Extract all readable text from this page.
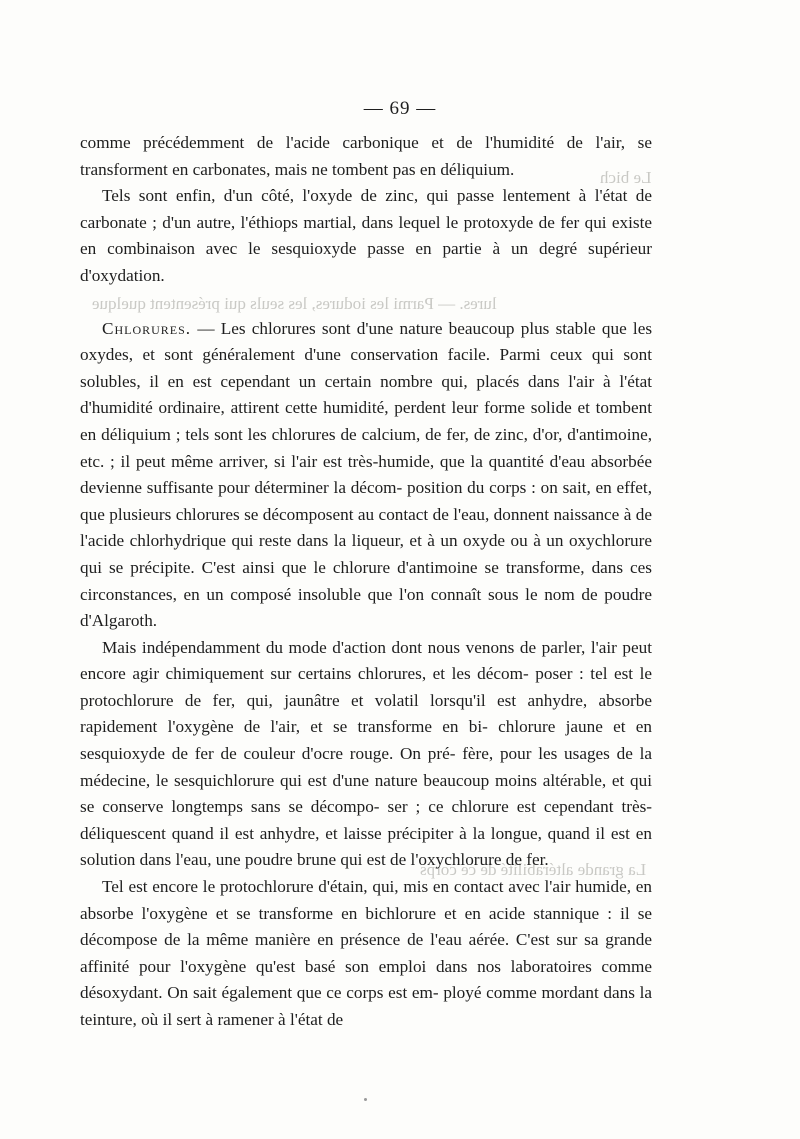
Le bich
lures. — Parmi les iodures, les seuls qui présentent quelque
La grande altérabilité de ce corps
— 69 —

comme précédemment de l'acide carbonique et de l'humidité de l'air, se transforment en carbonates, mais ne tombent pas en déliquium.

Tels sont enfin, d'un côté, l'oxyde de zinc, qui passe lentement à l'état de carbonate ; d'un autre, l'éthiops martial, dans lequel le protoxyde de fer qui existe en combinaison avec le sesquioxyde passe en partie à un degré supérieur d'oxydation.

Chlorures. — Les chlorures sont d'une nature beaucoup plus stable que les oxydes, et sont généralement d'une conservation facile. Parmi ceux qui sont solubles, il en est cependant un certain nombre qui, placés dans l'air à l'état d'humidité ordinaire, attirent cette humidité, perdent leur forme solide et tombent en déliquium ; tels sont les chlorures de calcium, de fer, de zinc, d'or, d'antimoine, etc. ; il peut même arriver, si l'air est très-humide, que la quantité d'eau absorbée devienne suffisante pour déterminer la décom- position du corps : on sait, en effet, que plusieurs chlorures se décomposent au contact de l'eau, donnent naissance à de l'acide chlorhydrique qui reste dans la liqueur, et à un oxyde ou à un oxychlorure qui se précipite. C'est ainsi que le chlorure d'antimoine se transforme, dans ces circonstances, en un composé insoluble que l'on connaît sous le nom de poudre d'Algaroth.

Mais indépendamment du mode d'action dont nous venons de parler, l'air peut encore agir chimiquement sur certains chlorures, et les décom- poser : tel est le protochlorure de fer, qui, jaunâtre et volatil lorsqu'il est anhydre, absorbe rapidement l'oxygène de l'air, et se transforme en bi- chlorure jaune et en sesquioxyde de fer de couleur d'ocre rouge. On pré- fère, pour les usages de la médecine, le sesquichlorure qui est d'une nature beaucoup moins altérable, et qui se conserve longtemps sans se décompo- ser ; ce chlorure est cependant très-déliquescent quand il est anhydre, et laisse précipiter à la longue, quand il est en solution dans l'eau, une poudre brune qui est de l'oxychlorure de fer.

Tel est encore le protochlorure d'étain, qui, mis en contact avec l'air humide, en absorbe l'oxygène et se transforme en bichlorure et en acide stannique : il se décompose de la même manière en présence de l'eau aérée. C'est sur sa grande affinité pour l'oxygène qu'est basé son emploi dans nos laboratoires comme désoxydant. On sait également que ce corps est em- ployé comme mordant dans la teinture, où il sert à ramener à l'état de
